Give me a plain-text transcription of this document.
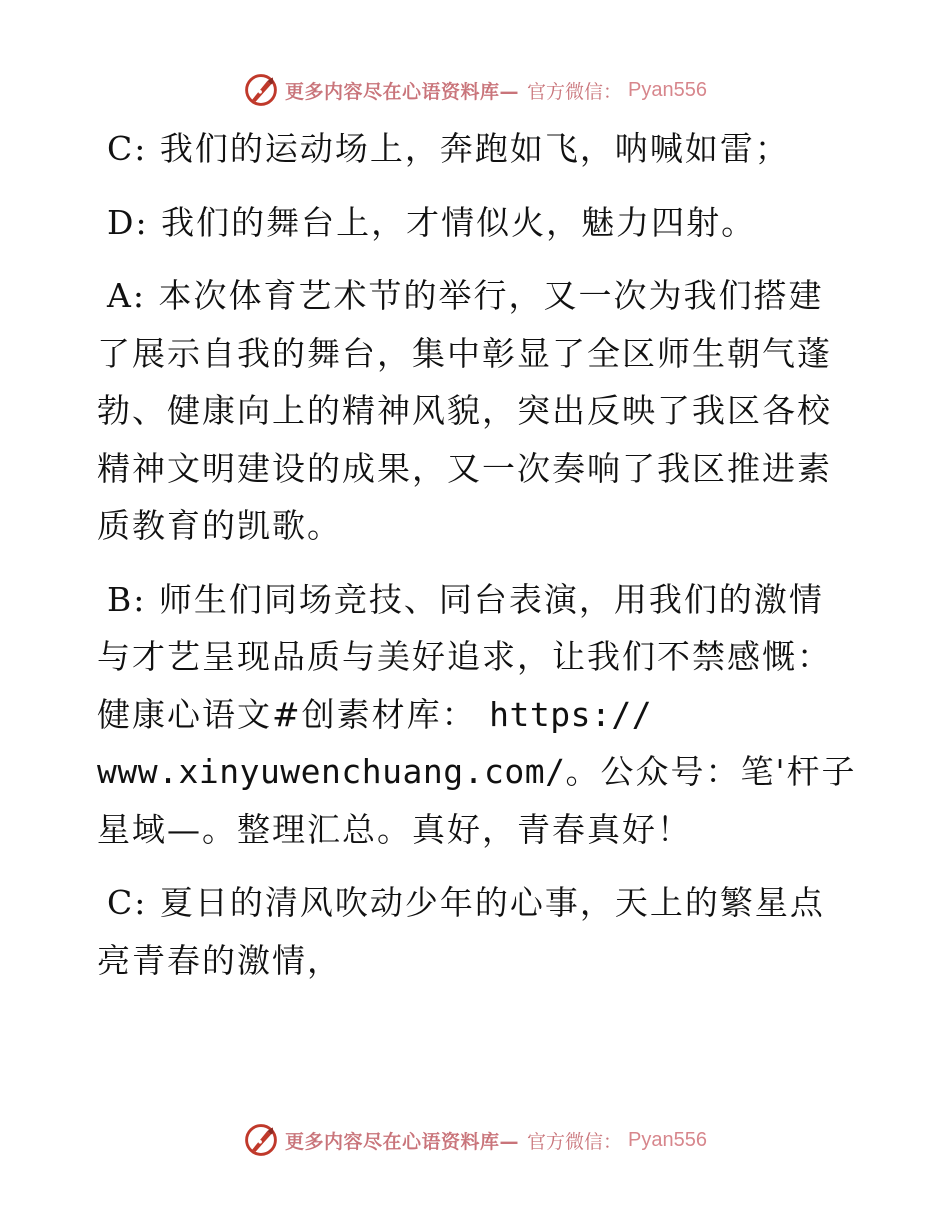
更多内容尽在心语资料库— 官方微信： Pyan556

C: 我们的运动场上，奔跑如飞，呐喊如雷；

D: 我们的舞台上，才情似火，魅力四射。

A: 本次体育艺术节的举行，又一次为我们搭建了展示自我的舞台，集中彰显了全区师生朝气蓬勃、健康向上的精神风貌，突出反映了我区各校精神文明建设的成果，又一次奏响了我区推进素质教育的凯歌。

B: 师生们同场竞技、同台表演，用我们的激情与才艺呈现品质与美好追求，让我们不禁感慨：健康心语文#创素材库： https://
www.xinyuwenchuang.com/。公众号：笔'杆子星域—。整理汇总。真好，青春真好！

C: 夏日的清风吹动少年的心事，天上的繁星点亮青春的激情，

更多内容尽在心语资料库— 官方微信： Pyan556
